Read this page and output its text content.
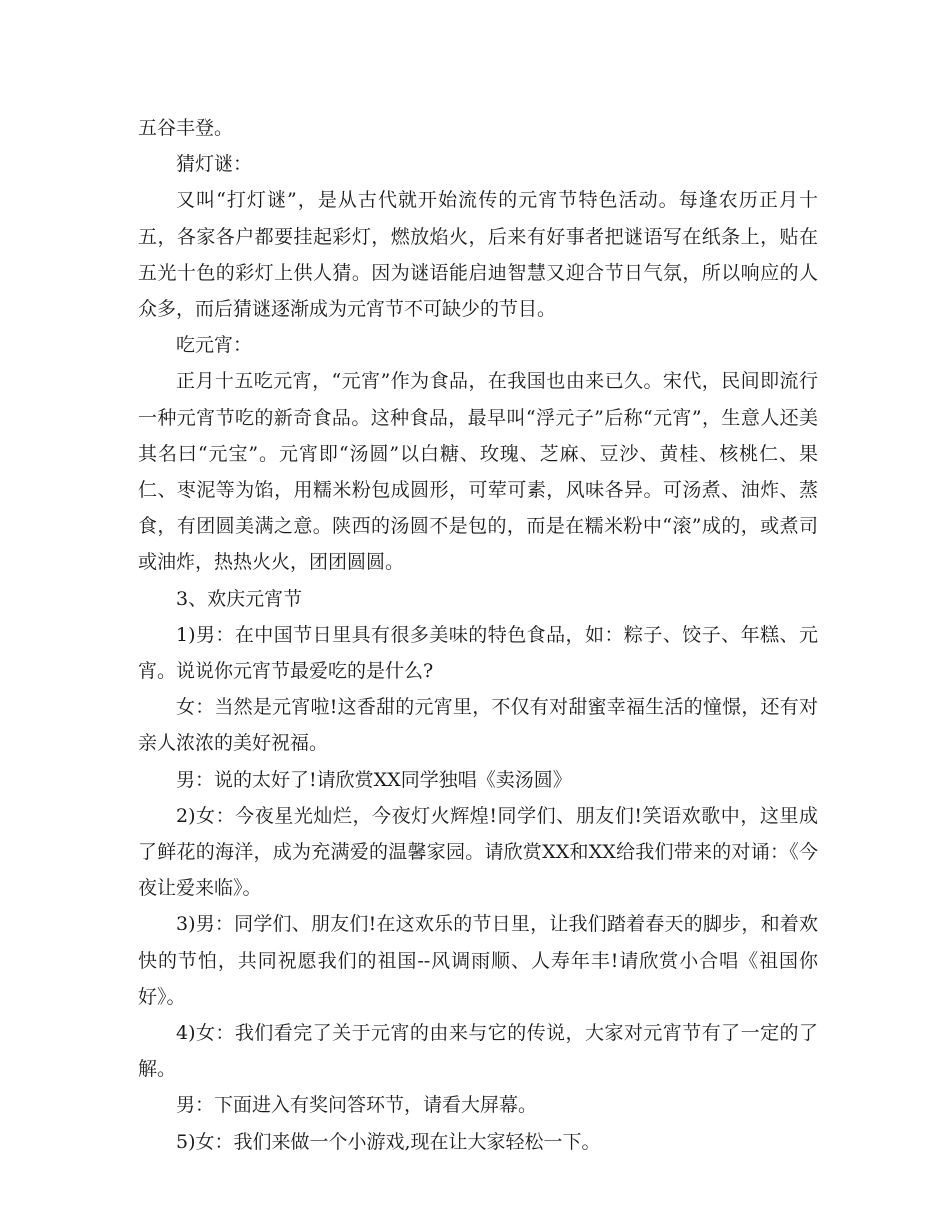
五谷丰登。

猜灯谜：

又叫“打灯谜”，是从古代就开始流传的元宵节特色活动。每逢农历正月十五，各家各户都要挂起彩灯，燃放焰火，后来有好事者把谜语写在纸条上，贴在五光十色的彩灯上供人猜。因为谜语能启迪智慧又迎合节日气氛，所以响应的人众多，而后猜谜逐渐成为元宵节不可缺少的节目。

吃元宵：

正月十五吃元宵，“元宵”作为食品，在我国也由来已久。宋代，民间即流行一种元宵节吃的新奇食品。这种食品，最早叫“浮元子”后称“元宵”，生意人还美其名曰“元宝”。元宵即“汤圆”以白糖、玫瑰、芝麻、豆沙、黄桂、核桃仁、果仁、枣泥等为馅，用糯米粉包成圆形，可荤可素，风味各异。可汤煮、油炸、蒸食，有团圆美满之意。陕西的汤圆不是包的，而是在糯米粉中“滚”成的，或煮司或油炸，热热火火，团团圆圆。

3、欢庆元宵节

1)男：在中国节日里具有很多美味的特色食品，如：粽子、饺子、年糕、元宵。说说你元宵节最爱吃的是什么?

女：当然是元宵啦!这香甜的元宵里，不仅有对甜蜜幸福生活的憧憬，还有对亲人浓浓的美好祝福。

男：说的太好了!请欣赏XX同学独唱《卖汤圆》

2)女：今夜星光灿烂，今夜灯火辉煌!同学们、朋友们!笑语欢歌中，这里成了鲜花的海洋，成为充满爱的温馨家园。请欣赏XX和XX给我们带来的对诵：《今夜让爱来临》。

3)男：同学们、朋友们!在这欢乐的节日里，让我们踏着春天的脚步，和着欢快的节怕，共同祝愿我们的祖国--风调雨顺、人寿年丰!请欣赏小合唱《祖国你好》。

4)女：我们看完了关于元宵的由来与它的传说，大家对元宵节有了一定的了解。

男：下面进入有奖问答环节，请看大屏幕。

5)女：我们来做一个小游戏,现在让大家轻松一下。
